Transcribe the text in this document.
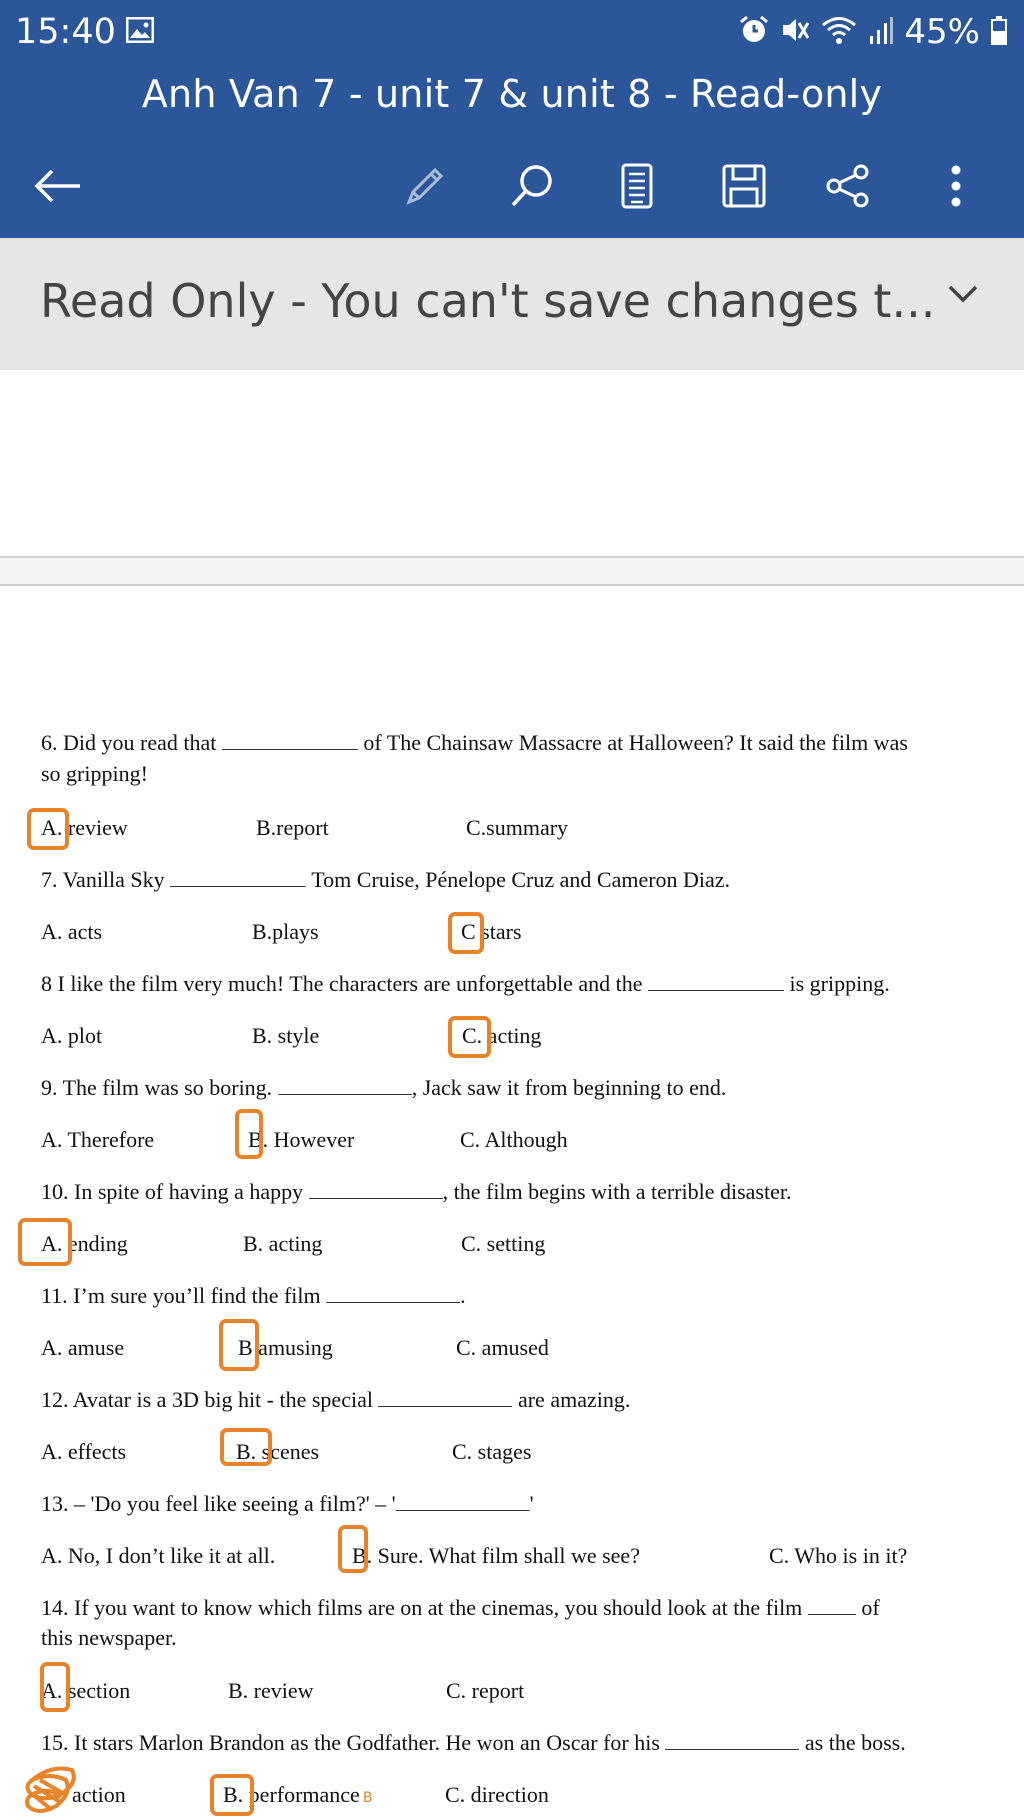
15:40	45%
Anh Van 7 - unit 7 & unit 8 - Read-only
Read Only - You can't save changes t...
6. Did you read that	of The Chainsaw Massacre at Halloween? It said the film was
so gripping!
A. review	B.report	C.summary
7. Vanilla Sky	Tom Cruise, Pénelope Cruz and Cameron Diaz.
A. acts	B.plays	C stars
8 I like the film very much! The characters are unforgettable and the	is gripping.
A. plot	B. style	C. acting
9. The film was so boring.	, Jack saw it from beginning to end.
A. Therefore	B. However	C. Although
10. In spite of having a happy	, the film begins with a terrible disaster.
A. ending	B. acting	C. setting
11. I’m sure you’ll find the film	.
A. amuse	B amusing	C. amused
12. Avatar is a 3D big hit - the special	are amazing.
A. effects	B. scenes	C. stages
13. – 'Do you feel like seeing a film?' – '	'
A. No, I don’t like it at all.	B. Sure. What film shall we see?	C. Who is in it?
14. If you want to know which films are on at the cinemas, you should look at the film	of
this newspaper.
A. section	B. review	C. report
15. It stars Marlon Brandon as the Godfather. He won an Oscar for his	as the boss.
action	B. performance B	C. direction
